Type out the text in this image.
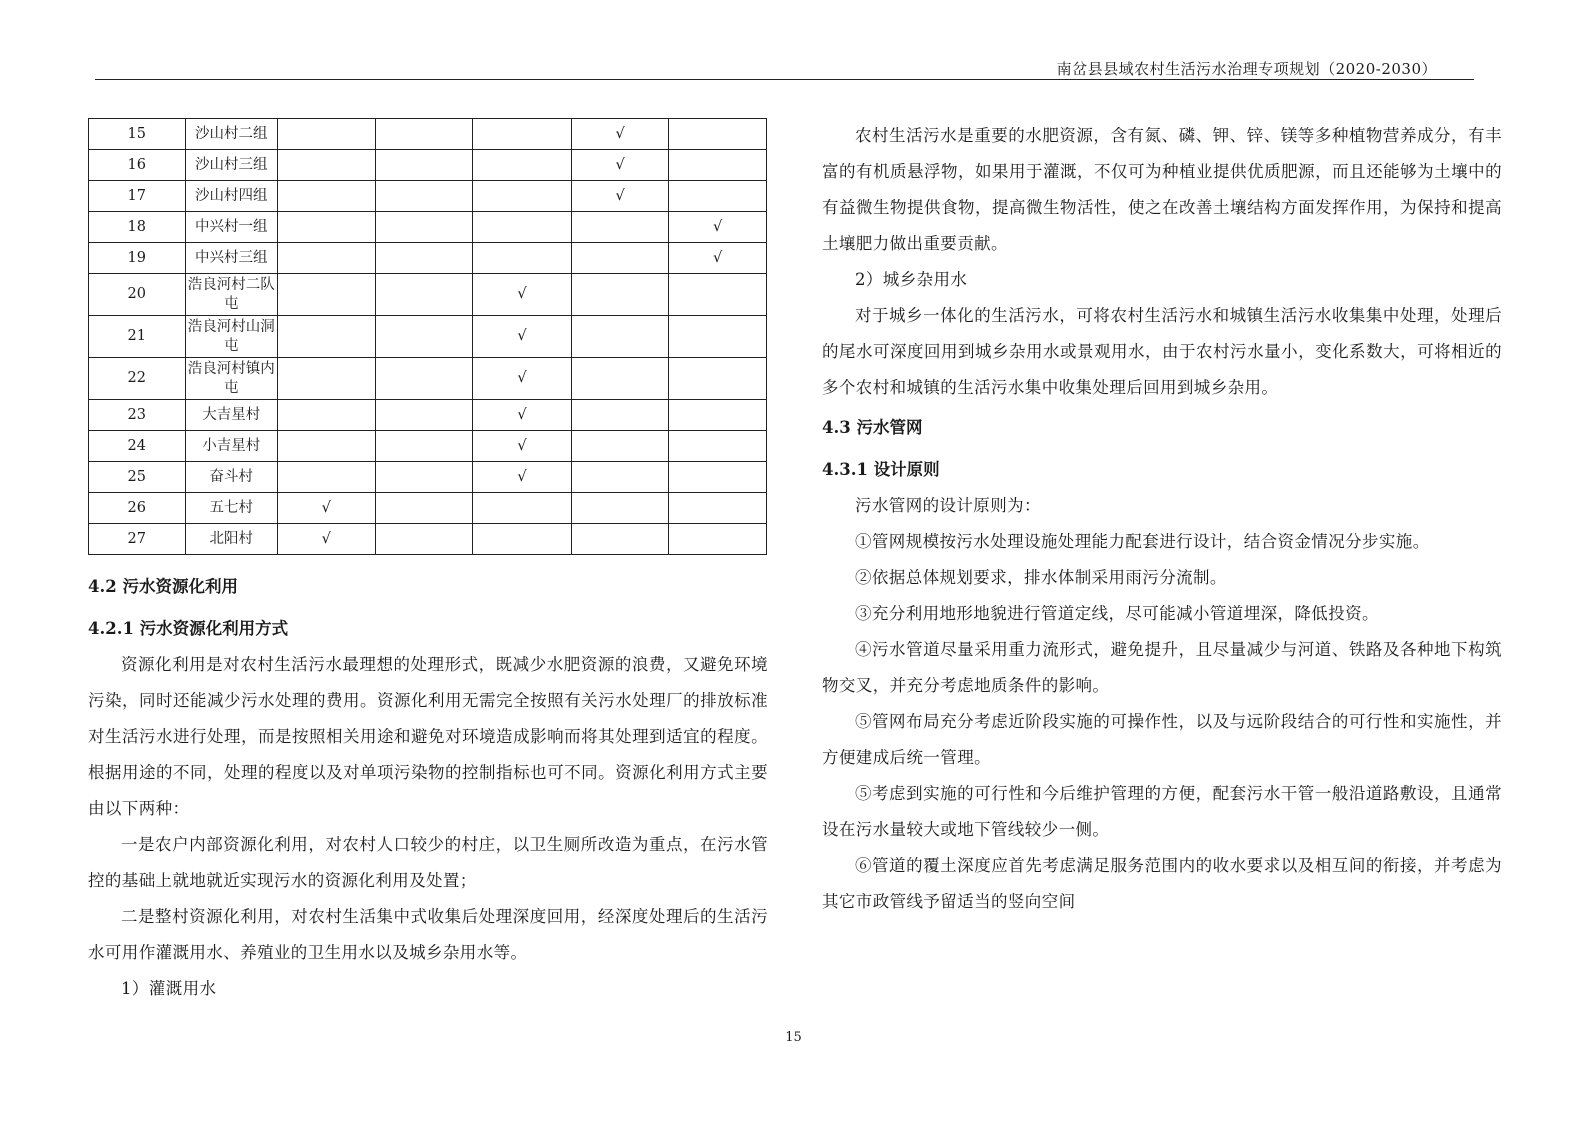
南岔县县域农村生活污水治理专项规划（2020-2030）
15	沙山村二组				√	
16	沙山村三组				√	
17	沙山村四组				√	
18	中兴村一组					√
19	中兴村三组					√
20	浩良河村二队屯			√		
21	浩良河村山洞屯			√		
22	浩良河村镇内屯			√		
23	大吉星村			√		
24	小吉星村			√		
25	奋斗村			√		
26	五七村	√				
27	北阳村	√				

4.2 污水资源化利用

4.2.1 污水资源化利用方式

资源化利用是对农村生活污水最理想的处理形式，既减少水肥资源的浪费，又避免环境污染，同时还能减少污水处理的费用。资源化利用无需完全按照有关污水处理厂的排放标准对生活污水进行处理，而是按照相关用途和避免对环境造成影响而将其处理到适宜的程度。根据用途的不同，处理的程度以及对单项污染物的控制指标也可不同。资源化利用方式主要由以下两种：

一是农户内部资源化利用，对农村人口较少的村庄，以卫生厕所改造为重点，在污水管控的基础上就地就近实现污水的资源化利用及处置；

二是整村资源化利用，对农村生活集中式收集后处理深度回用，经深度处理后的生活污水可用作灌溉用水、养殖业的卫生用水以及城乡杂用水等。

1）灌溉用水

农村生活污水是重要的水肥资源，含有氮、磷、钾、锌、镁等多种植物营养成分，有丰富的有机质悬浮物，如果用于灌溉，不仅可为种植业提供优质肥源，而且还能够为土壤中的有益微生物提供食物，提高微生物活性，使之在改善土壤结构方面发挥作用，为保持和提高土壤肥力做出重要贡献。

2）城乡杂用水

对于城乡一体化的生活污水，可将农村生活污水和城镇生活污水收集集中处理，处理后的尾水可深度回用到城乡杂用水或景观用水，由于农村污水量小，变化系数大，可将相近的多个农村和城镇的生活污水集中收集处理后回用到城乡杂用。

4.3 污水管网

4.3.1 设计原则

污水管网的设计原则为：

①管网规模按污水处理设施处理能力配套进行设计，结合资金情况分步实施。

②依据总体规划要求，排水体制采用雨污分流制。

③充分利用地形地貌进行管道定线，尽可能减小管道埋深，降低投资。

④污水管道尽量采用重力流形式，避免提升，且尽量减少与河道、铁路及各种地下构筑物交叉，并充分考虑地质条件的影响。

⑤管网布局充分考虑近阶段实施的可操作性，以及与远阶段结合的可行性和实施性，并方便建成后统一管理。

⑤考虑到实施的可行性和今后维护管理的方便，配套污水干管一般沿道路敷设，且通常设在污水量较大或地下管线较少一侧。

⑥管道的覆土深度应首先考虑满足服务范围内的收水要求以及相互间的衔接，并考虑为其它市政管线予留适当的竖向空间

15
